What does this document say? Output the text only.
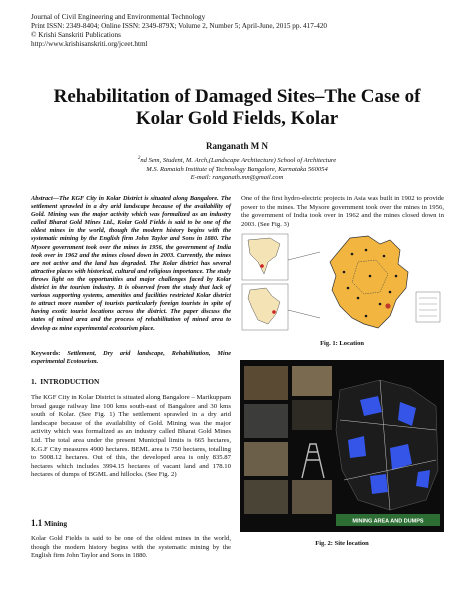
Journal of Civil Engineering and Environmental Technology
Print ISSN: 2349-8404; Online ISSN: 2349-879X; Volume 2, Number 5; April-June, 2015 pp. 417-420
© Krishi Sanskriti Publications
http://www.krishisanskriti.org/jceet.html
Rehabilitation of Damaged Sites–The Case of
Kolar Gold Fields, Kolar
Ranganath M N
$^2$nd Sem, Student, M. Arch,(Landscape Architecture) School of Architecture
M.S. Ramaiah Institute of Technology Bangalore, Karnataka 560054
E-mail: ranganath.mn@gmail.com
Abstract—The KGF City in Kolar District is situated along Bangalore. The settlement sprawled in a dry arid landscape because of the availability of Gold. Mining was the major activity which was formalized as an industry called Bharat Gold Mines Ltd., Kolar Gold Fields is said to be one of the oldest mines in the world, though the modern history begins with the systematic mining by the English firm John Taylor and Sons in 1880. The Mysore government took over the mines in 1956, the government of India took over in 1962 and the mines closed down in 2003. Currently, the mines are not active and the land has degraded. The Kolar district has several attractive places with historical, cultural and religious importance. The study throws light on the opportunities and major challenges faced by Kolar district in the tourism industry. It is observed from the study that lack of various supporting systems, amenities and facilities restricted Kolar district to attract more number of tourists particularly foreign tourists in spite of having exotic tourist locations across the district. The paper discuss the states of mined area and the process of rehabilitation of mined area to develop as mine experimental ecotourism place.
Keywords: Settlement, Dry arid landscape, Rehabilitation, Mine experimental Ecotourism.
1. INTRODUCTION
The KGF City in Kolar District is situated along Bangalore – Marikuppam broad gauge railway line 100 kms south-east of Bangalore and 30 kms south of Kolar. (See Fig. 1) The settlement sprawled in a dry arid landscape because of the availability of Gold. Mining was the major activity which was formalized as an industry called Bharat Gold Mines Ltd. The total area under the present Municipal limits is 665 hectares, K.G.F City measures 4900 hectares. BEML area is 750 hectares, totalling to 5008.12 hectares. Out of this, the developed area is only 835.87 hectares which includes 3994.15 hectares of vacant land and 178.10 hectares of dumps of BGML and hillocks. (See Fig. 2)
1.1 Mining
Kolar Gold Fields is said to be one of the oldest mines in the world, though the modern history begins with the systematic mining by the English firm John Taylor and Sons in 1880.
One of the first hydro-electric projects in Asia was built in 1902 to provide power to the mines. The Mysore government took over the mines in 1956, the government of India took over in 1962 and the mines closed down in 2003. (See Fig. 3)
Fig. 1: Location
MINING AREA AND DUMPS
Fig. 2: Site location
